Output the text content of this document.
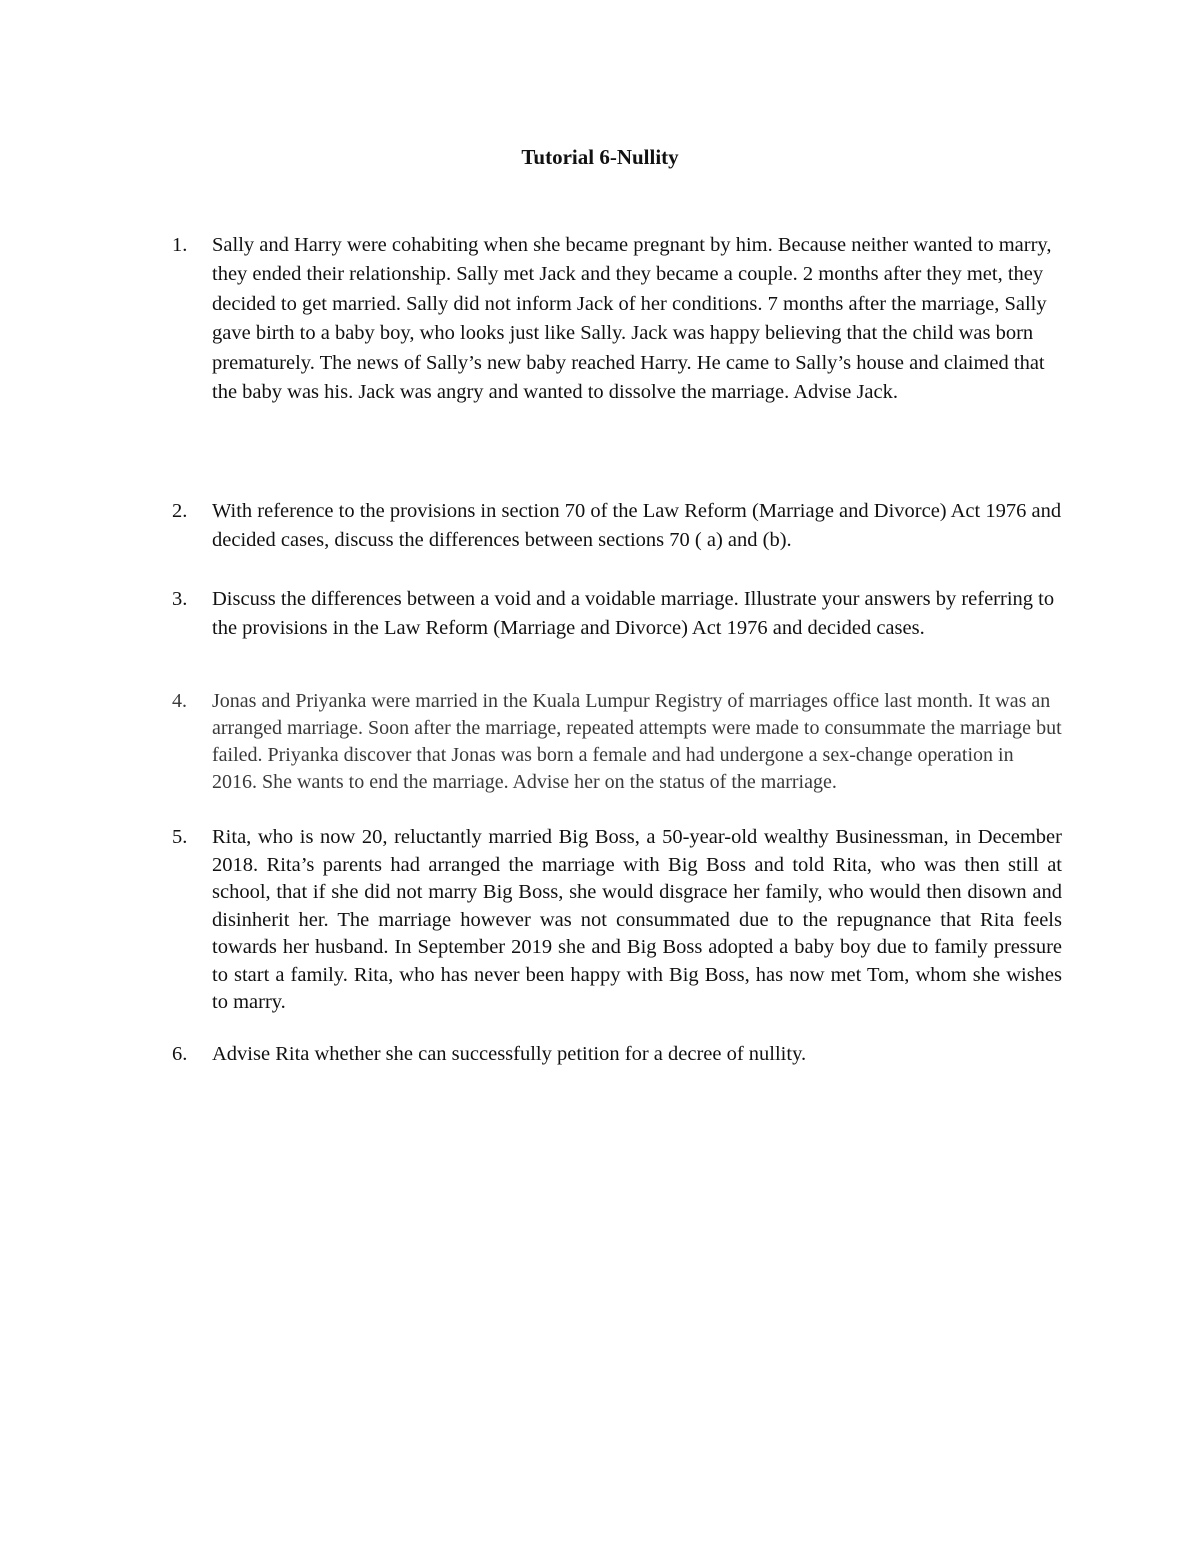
Tutorial 6-Nullity
1.	Sally and Harry were cohabiting when she became pregnant by him. Because neither wanted to marry, they ended their relationship. Sally met Jack and they became a couple. 2 months after they met, they decided to get married. Sally did not inform Jack of her conditions. 7 months after the marriage, Sally gave birth to a baby boy, who looks just like Sally. Jack was happy believing that the child was born prematurely. The news of Sally’s new baby reached Harry. He came to Sally’s house and claimed that the baby was his. Jack was angry and wanted to dissolve the marriage. Advise Jack.
2.	With reference to the provisions in section 70 of the Law Reform (Marriage and Divorce) Act 1976 and decided cases, discuss the differences between sections 70 ( a) and (b).
3.	Discuss the differences between a void and a voidable marriage. Illustrate your answers by referring to the provisions in the Law Reform (Marriage and Divorce) Act 1976 and decided cases.
4.	Jonas and Priyanka were married in the Kuala Lumpur Registry of marriages office last month. It was an arranged marriage. Soon after the marriage, repeated attempts were made to consummate the marriage but failed. Priyanka discover that Jonas was born a female and had undergone a sex-change operation in 2016. She wants to end the marriage. Advise her on the status of the marriage.
5.	Rita, who is now 20, reluctantly married Big Boss, a 50-year-old wealthy Businessman, in December 2018. Rita’s parents had arranged the marriage with Big Boss and told Rita, who was then still at school, that if she did not marry Big Boss, she would disgrace her family, who would then disown and disinherit her. The marriage however was not consummated due to the repugnance that Rita feels towards her husband. In September 2019 she and Big Boss adopted a baby boy due to family pressure to start a family. Rita, who has never been happy with Big Boss, has now met Tom, whom she wishes to marry.
6.	Advise Rita whether she can successfully petition for a decree of nullity.
